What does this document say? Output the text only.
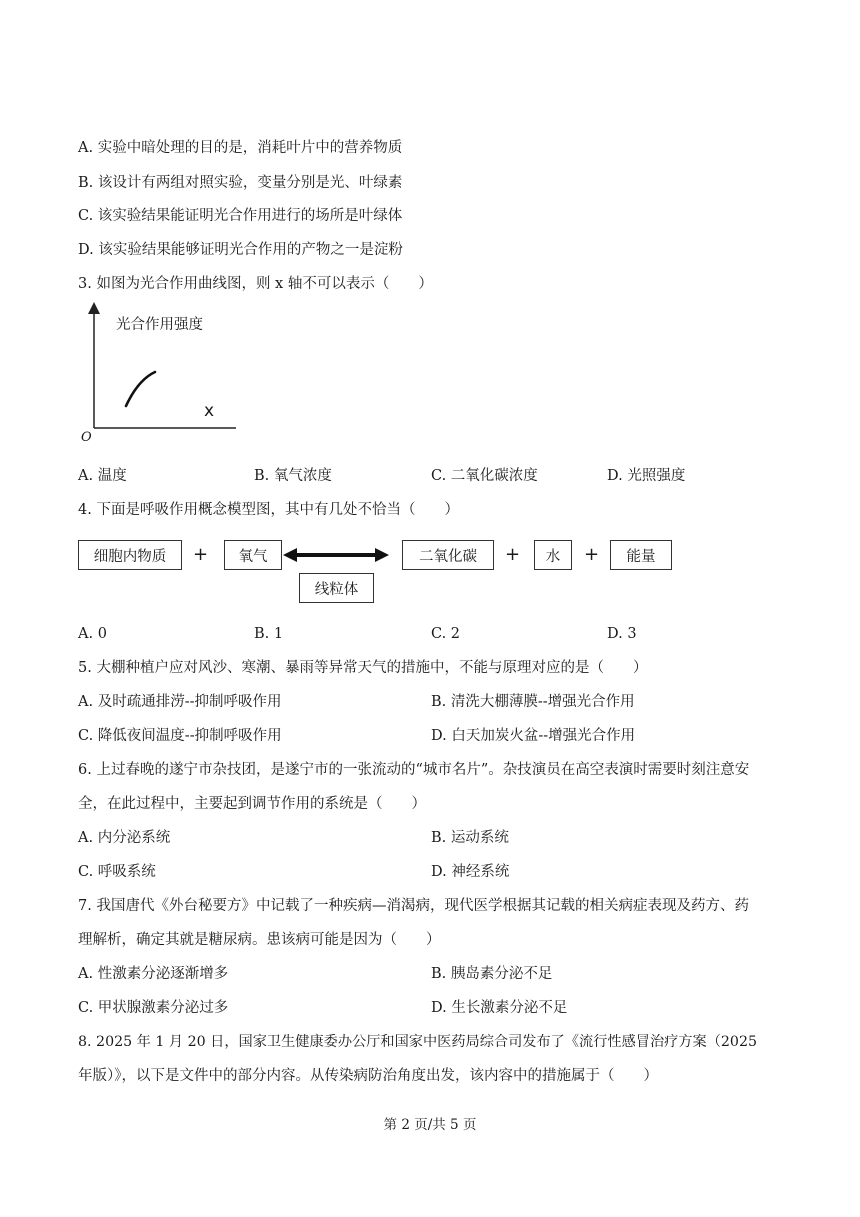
A. 实验中暗处理的目的是，消耗叶片中的营养物质
B. 该设计有两组对照实验，变量分别是光、叶绿素
C. 该实验结果能证明光合作用进行的场所是叶绿体
D. 该实验结果能够证明光合作用的产物之一是淀粉
3. 如图为光合作用曲线图，则 x 轴不可以表示（　　）
光合作用强度
x
O
A. 温度	B. 氧气浓度	C. 二氧化碳浓度	D. 光照强度
4. 下面是呼吸作用概念模型图，其中有几处不恰当（　　）
细胞内物质	+	氧气	二氧化碳	+	水	+	能量
线粒体
A. 0	B. 1	C. 2	D. 3
5. 大棚种植户应对风沙、寒潮、暴雨等异常天气的措施中，不能与原理对应的是（　　）
A. 及时疏通排涝--抑制呼吸作用	B. 清洗大棚薄膜--增强光合作用
C. 降低夜间温度--抑制呼吸作用	D. 白天加炭火盆--增强光合作用
6. 上过春晚的遂宁市杂技团，是遂宁市的一张流动的“城市名片”。杂技演员在高空表演时需要时刻注意安
全，在此过程中，主要起到调节作用的系统是（　　）
A. 内分泌系统	B. 运动系统
C. 呼吸系统	D. 神经系统
7. 我国唐代《外台秘要方》中记载了一种疾病—消渴病，现代医学根据其记载的相关病症表现及药方、药
理解析，确定其就是糖尿病。患该病可能是因为（　　）
A. 性激素分泌逐渐增多	B. 胰岛素分泌不足
C. 甲状腺激素分泌过多	D. 生长激素分泌不足
8. 2025 年 1 月 20 日，国家卫生健康委办公厅和国家中医药局综合司发布了《流行性感冒治疗方案（2025
年版）》，以下是文件中的部分内容。从传染病防治角度出发，该内容中的措施属于（　　）
第 2 页/共 5 页
